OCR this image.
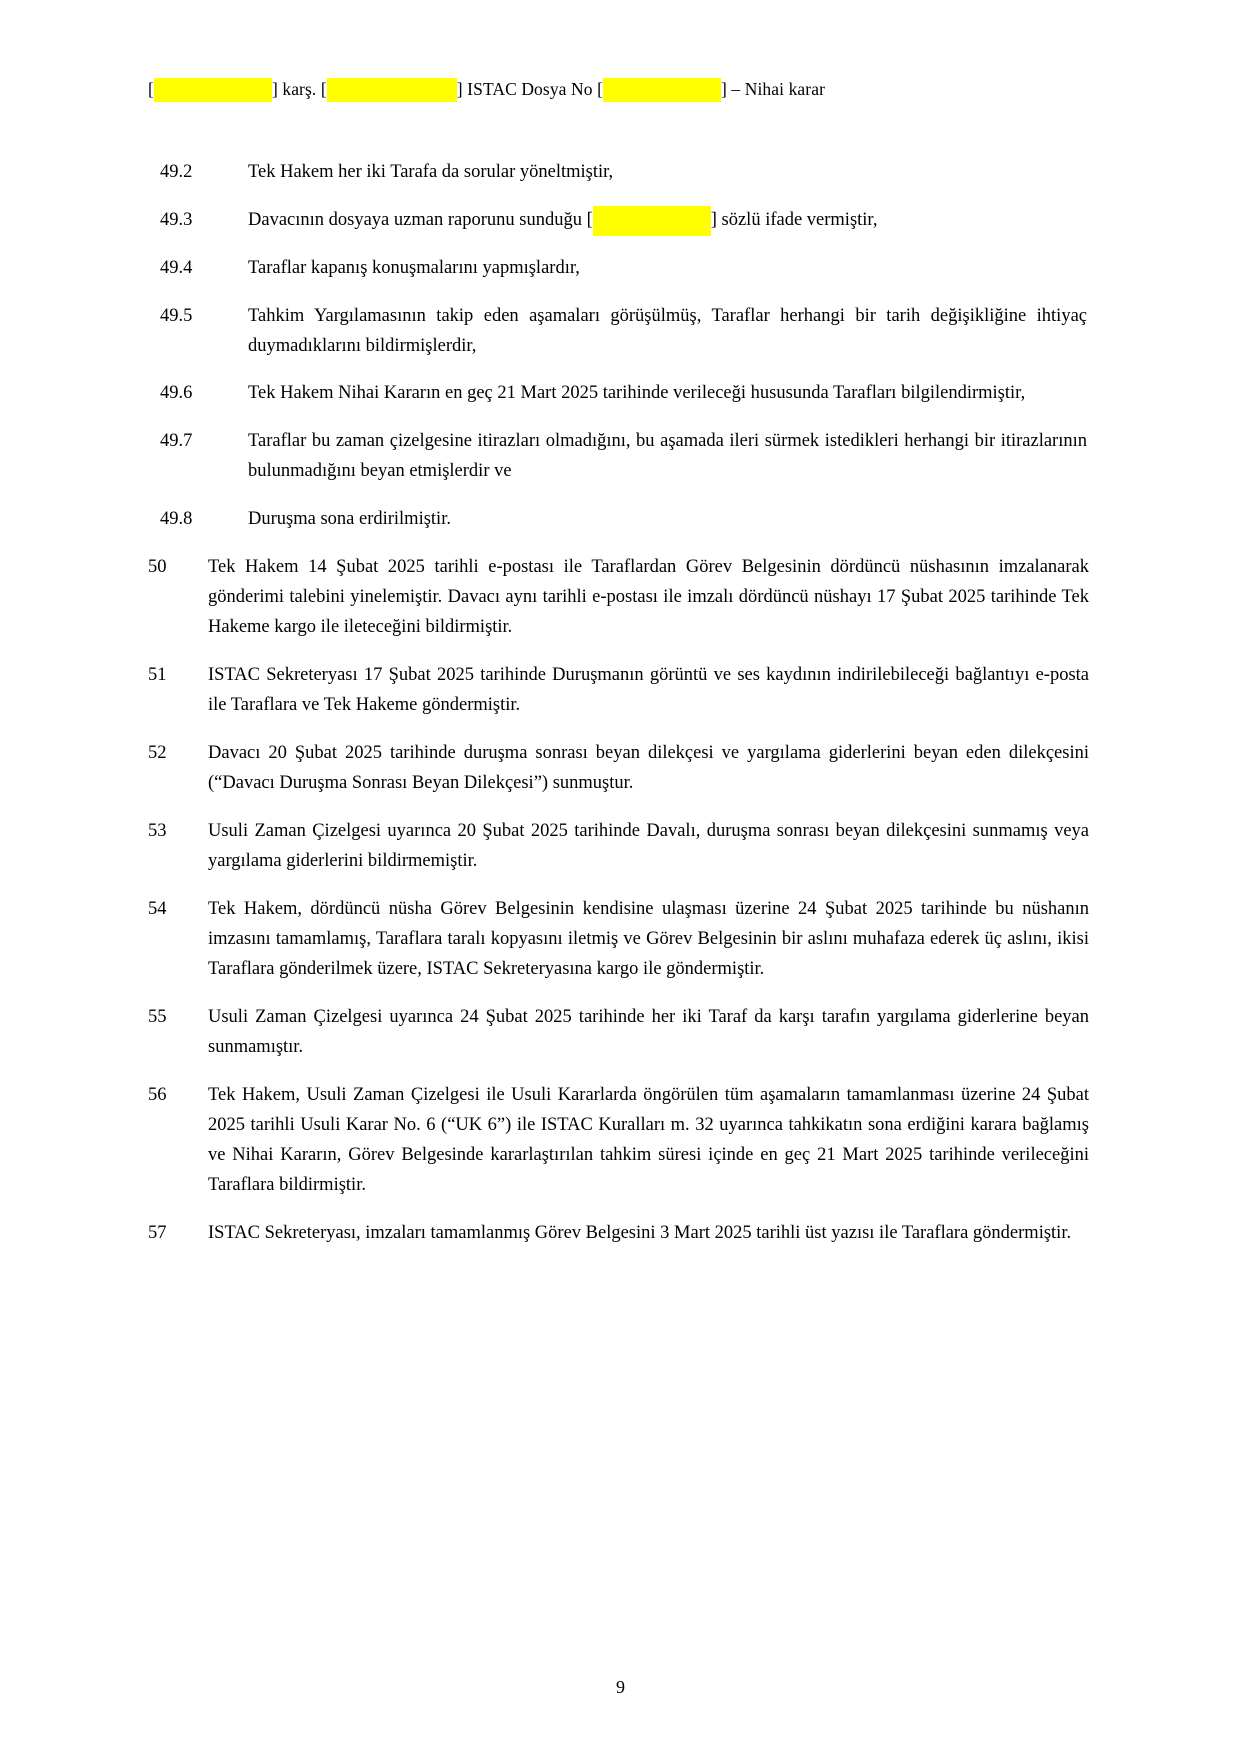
[	] karş. [	] ISTAC Dosya No [	] – Nihai karar
49.2	Tek Hakem her iki Tarafa da sorular yöneltmiştir,
49.3	Davacının dosyaya uzman raporunu sunduğu [	] sözlü ifade vermiştir,
49.4	Taraflar kapanış konuşmalarını yapmışlardır,
49.5	Tahkim Yargılamasının takip eden aşamaları görüşülmüş, Taraflar herhangi bir tarih değişikliğine ihtiyaç duymadıklarını bildirmişlerdir,
49.6	Tek Hakem Nihai Kararın en geç 21 Mart 2025 tarihinde verileceği hususunda Tarafları bilgilendirmiştir,
49.7	Taraflar bu zaman çizelgesine itirazları olmadığını, bu aşamada ileri sürmek istedikleri herhangi bir itirazlarının bulunmadığını beyan etmişlerdir ve
49.8	Duruşma sona erdirilmiştir.
50	Tek Hakem 14 Şubat 2025 tarihli e-postası ile Taraflardan Görev Belgesinin dördüncü nüshasının imzalanarak gönderimi talebini yinelemiştir. Davacı aynı tarihli e-postası ile imzalı dördüncü nüshayı 17 Şubat 2025 tarihinde Tek Hakeme kargo ile ileteceğini bildirmiştir.
51	ISTAC Sekreteryası 17 Şubat 2025 tarihinde Duruşmanın görüntü ve ses kaydının indirilebileceği bağlantıyı e-posta ile Taraflara ve Tek Hakeme göndermiştir.
52	Davacı 20 Şubat 2025 tarihinde duruşma sonrası beyan dilekçesi ve yargılama giderlerini beyan eden dilekçesini (“Davacı Duruşma Sonrası Beyan Dilekçesi”) sunmuştur.
53	Usuli Zaman Çizelgesi uyarınca 20 Şubat 2025 tarihinde Davalı, duruşma sonrası beyan dilekçesini sunmamış veya yargılama giderlerini bildirmemiştir.
54	Tek Hakem, dördüncü nüsha Görev Belgesinin kendisine ulaşması üzerine 24 Şubat 2025 tarihinde bu nüshanın imzasını tamamlamış, Taraflara taralı kopyasını iletmiş ve Görev Belgesinin bir aslını muhafaza ederek üç aslını, ikisi Taraflara gönderilmek üzere, ISTAC Sekreteryasına kargo ile göndermiştir.
55	Usuli Zaman Çizelgesi uyarınca 24 Şubat 2025 tarihinde her iki Taraf da karşı tarafın yargılama giderlerine beyan sunmamıştır.
56	Tek Hakem, Usuli Zaman Çizelgesi ile Usuli Kararlarda öngörülen tüm aşamaların tamamlanması üzerine 24 Şubat 2025 tarihli Usuli Karar No. 6 (“UK 6”) ile ISTAC Kuralları m. 32 uyarınca tahkikatın sona erdiğini karara bağlamış ve Nihai Kararın, Görev Belgesinde kararlaştırılan tahkim süresi içinde en geç 21 Mart 2025 tarihinde verileceğini Taraflara bildirmiştir.
57	ISTAC Sekreteryası, imzaları tamamlanmış Görev Belgesini 3 Mart 2025 tarihli üst yazısı ile Taraflara göndermiştir.
9
